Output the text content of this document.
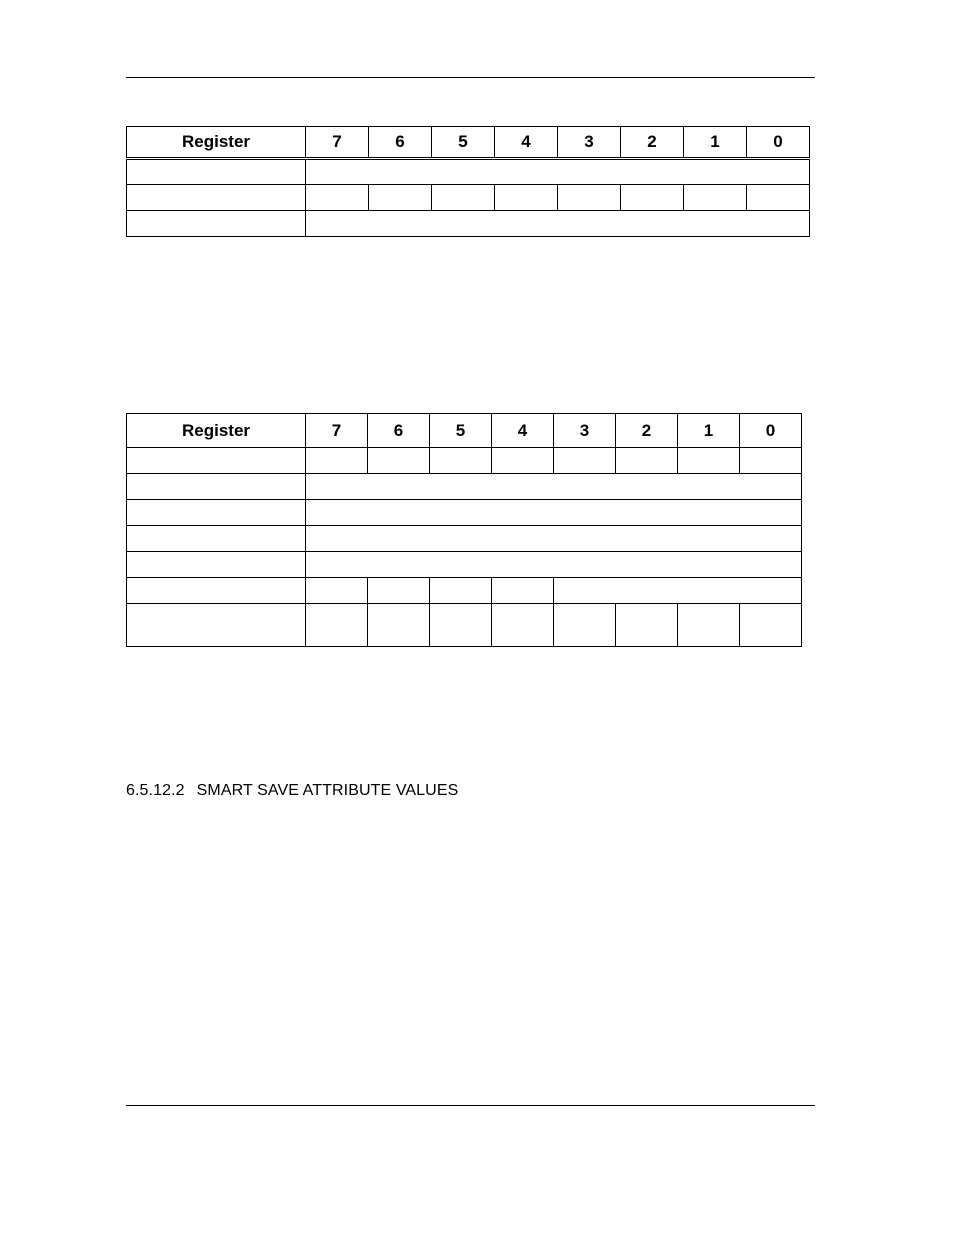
Register	7	6	5	4	3	2	1	0

Register	7	6	5	4	3	2	1	0

6.5.12.2 SMART SAVE ATTRIBUTE VALUES
